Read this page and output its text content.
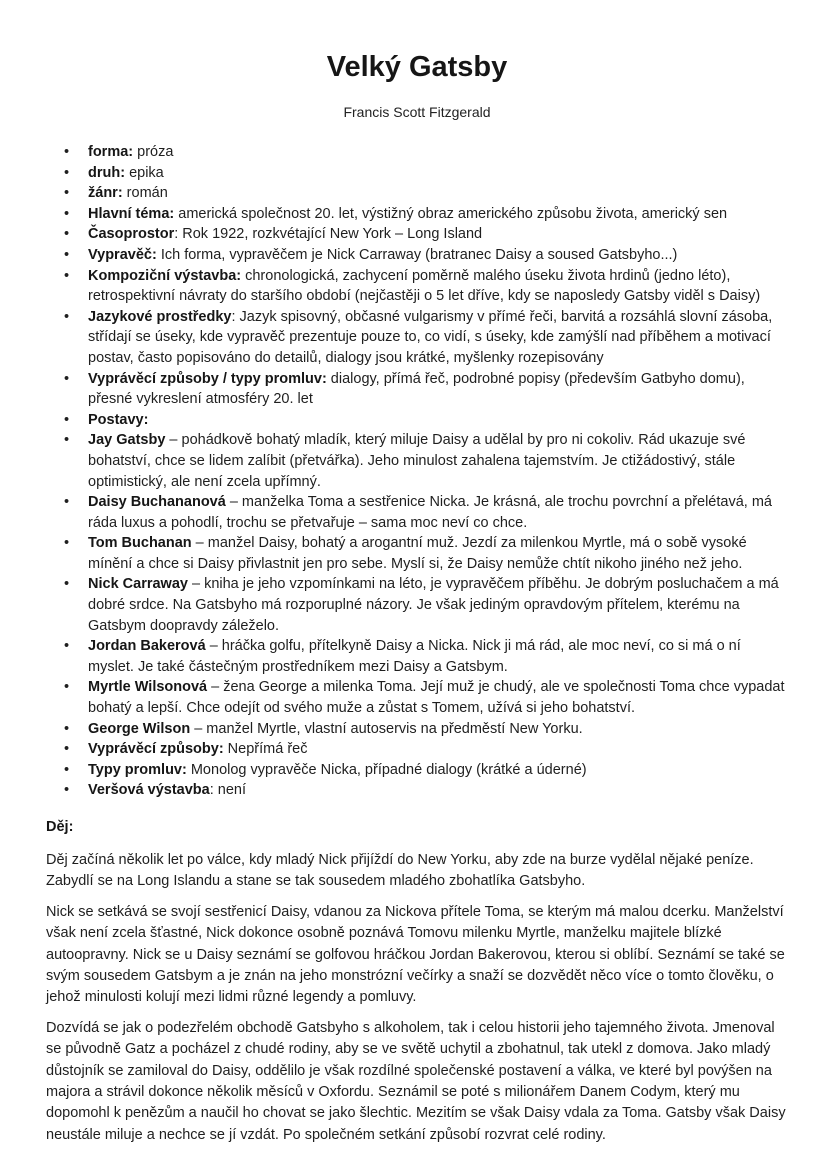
Velký Gatsby
Francis Scott Fitzgerald
• forma: próza
• druh: epika
• žánr: román
• Hlavní téma: americká společnost 20. let, výstižný obraz amerického způsobu života, americký sen
• Časoprostor: Rok 1922, rozkvétající New York – Long Island
• Vypravěč: Ich forma, vypravěčem je Nick Carraway (bratranec Daisy a soused Gatsbyho...)
• Kompoziční výstavba: chronologická, zachycení poměrně malého úseku života hrdinů (jedno léto), retrospektivní návraty do staršího období (nejčastěji o 5 let dříve, kdy se naposledy Gatsby viděl s Daisy)
• Jazykové prostředky: Jazyk spisovný, občasné vulgarismy v přímé řeči, barvitá a rozsáhlá slovní zásoba, střídají se úseky, kde vypravěč prezentuje pouze to, co vidí, s úseky, kde zamýšlí nad příběhem a motivací postav, často popisováno do detailů, dialogy jsou krátké, myšlenky rozepisovány
• Vyprávěcí způsoby / typy promluv: dialogy, přímá řeč, podrobné popisy (především Gatbyho domu), přesné vykreslení atmosféry 20. let
• Postavy:
• Jay Gatsby – pohádkově bohatý mladík, který miluje Daisy a udělal by pro ni cokoliv. Rád ukazuje své bohatství, chce se lidem zalíbit (přetvářka). Jeho minulost zahalena tajemstvím. Je ctižádostivý, stále optimistický, ale není zcela upřímný.
• Daisy Buchananová – manželka Toma a sestřenice Nicka. Je krásná, ale trochu povrchní a přelétavá, má ráda luxus a pohodlí, trochu se přetvařuje – sama moc neví co chce.
• Tom Buchanan – manžel Daisy, bohatý a arogantní muž. Jezdí za milenkou Myrtle, má o sobě vysoké mínění a chce si Daisy přivlastnit jen pro sebe. Myslí si, že Daisy nemůže chtít nikoho jiného než jeho.
• Nick Carraway – kniha je jeho vzpomínkami na léto, je vypravěčem příběhu. Je dobrým posluchačem a má dobré srdce. Na Gatsbyho má rozporuplné názory. Je však jediným opravdovým přítelem, kterému na Gatsbym doopravdy záleželo.
• Jordan Bakerová – hráčka golfu, přítelkyně Daisy a Nicka. Nick ji má rád, ale moc neví, co si má o ní myslet. Je také částečným prostředníkem mezi Daisy a Gatsbym.
• Myrtle Wilsonová – žena George a milenka Toma. Její muž je chudý, ale ve společnosti Toma chce vypadat bohatý a lepší. Chce odejít od svého muže a zůstat s Tomem, užívá si jeho bohatství.
• George Wilson – manžel Myrtle, vlastní autoservis na předměstí New Yorku.
• Vyprávěcí způsoby: Nepřímá řeč
• Typy promluv: Monolog vypravěče Nicka, případné dialogy (krátké a úderné)
• Veršová výstavba: není
Děj:

Děj začíná několik let po válce, kdy mladý Nick přijíždí do New Yorku, aby zde na burze vydělal nějaké peníze. Zabydlí se na Long Islandu a stane se tak sousedem mladého zbohatlíka Gatsbyho.

Nick se setkává se svojí sestřenicí Daisy, vdanou za Nickova přítele Toma, se kterým má malou dcerku. Manželství však není zcela šťastné, Nick dokonce osobně poznává Tomovu milenku Myrtle, manželku majitele blízké autoopravny. Nick se u Daisy seznámí se golfovou hráčkou Jordan Bakerovou, kterou si oblíbí. Seznámí se také se svým sousedem Gatsbym a je znán na jeho monstrózní večírky a snaží se dozvědět něco více o tomto člověku, o jehož minulosti kolují mezi lidmi různé legendy a pomluvy.

Dozvídá se jak o podezřelém obchodě Gatsbyho s alkoholem, tak i celou historii jeho tajemného života. Jmenoval se původně Gatz a pocházel z chudé rodiny, aby se ve světě uchytil a zbohatnul, tak utekl z domova. Jako mladý důstojník se zamiloval do Daisy, oddělilo je však rozdílné společenské postavení a válka, ve které byl povýšen na majora a strávil dokonce několik měsíců v Oxfordu. Seznámil se poté s milionářem Danem Codym, který mu dopomohl k penězům a naučil ho chovat se jako šlechtic. Mezitím se však Daisy vdala za Toma. Gatsby však Daisy neustále miluje a nechce se jí vzdát. Po společném setkání způsobí rozvrat celé rodiny.
